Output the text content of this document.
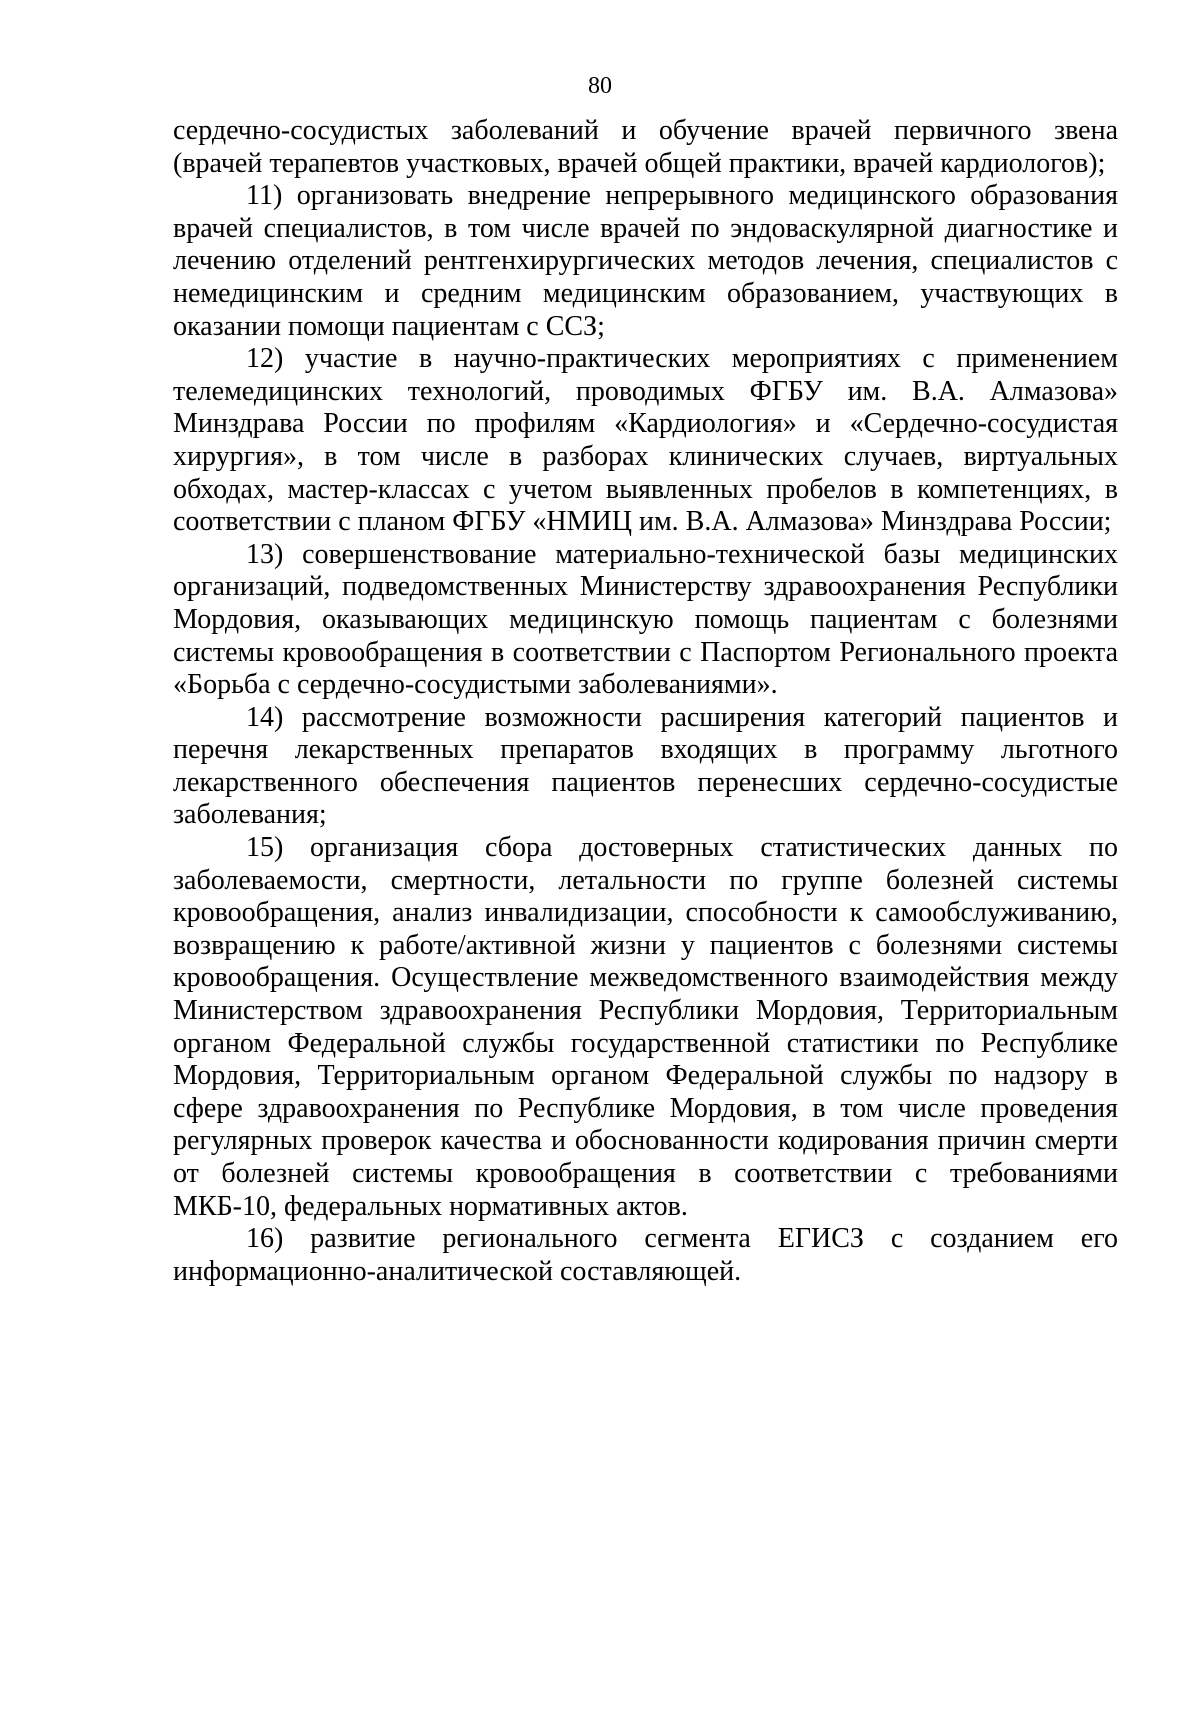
80

сердечно-сосудистых заболеваний и обучение врачей первичного звена (врачей терапевтов участковых, врачей общей практики, врачей кардиологов);

11) организовать внедрение непрерывного медицинского образования врачей специалистов, в том числе врачей по эндоваскулярной диагностике и лечению отделений рентгенхирургических методов лечения, специалистов с немедицинским и средним медицинским образованием, участвующих в оказании помощи пациентам с ССЗ;

12) участие в научно-практических мероприятиях с применением телемедицинских технологий, проводимых ФГБУ им. В.А. Алмазова» Минздрава России по профилям «Кардиология» и «Сердечно-сосудистая хирургия», в том числе в разборах клинических случаев, виртуальных обходах, мастер-классах с учетом выявленных пробелов в компетенциях, в соответствии с планом ФГБУ «НМИЦ им. В.А. Алмазова» Минздрава России;

13) совершенствование материально-технической базы медицинских организаций, подведомственных Министерству здравоохранения Республики Мордовия, оказывающих медицинскую помощь пациентам с болезнями системы кровообращения в соответствии с Паспортом Регионального проекта «Борьба с сердечно-сосудистыми заболеваниями».

14) рассмотрение возможности расширения категорий пациентов и перечня лекарственных препаратов входящих в программу льготного лекарственного обеспечения пациентов перенесших сердечно-сосудистые заболевания;

15) организация сбора достоверных статистических данных по заболеваемости, смертности, летальности по группе болезней системы кровообращения, анализ инвалидизации, способности к самообслуживанию, возвращению к работе/активной жизни у пациентов с болезнями системы кровообращения. Осуществление межведомственного взаимодействия между Министерством здравоохранения Республики Мордовия, Территориальным органом Федеральной службы государственной статистики по Республике Мордовия, Территориальным органом Федеральной службы по надзору в сфере здравоохранения по Республике Мордовия, в том числе проведения регулярных проверок качества и обоснованности кодирования причин смерти от болезней системы кровообращения в соответствии с требованиями МКБ-10, федеральных нормативных актов.

16) развитие регионального сегмента ЕГИСЗ с созданием его информационно-аналитической составляющей.
